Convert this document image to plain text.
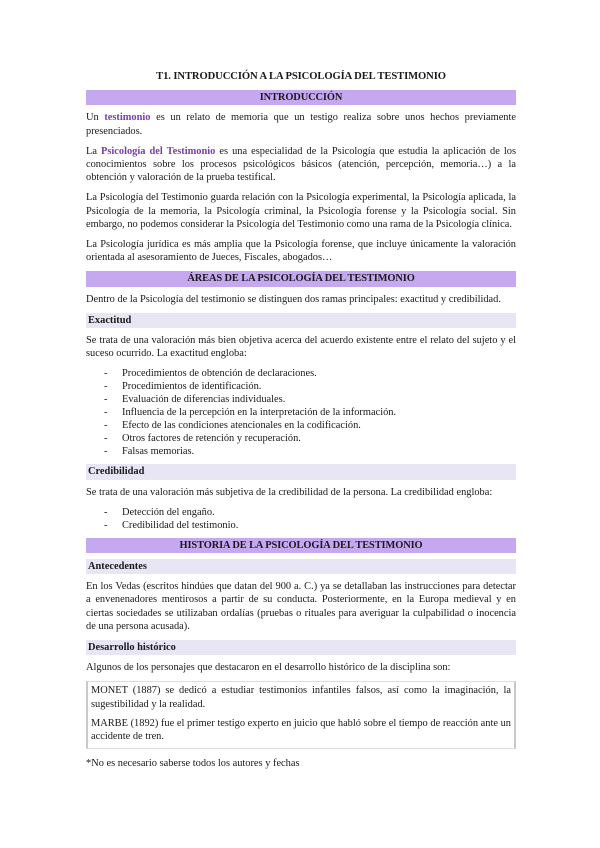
T1. INTRODUCCIÓN A LA PSICOLOGÍA DEL TESTIMONIO
INTRODUCCIÓN

Un testimonio es un relato de memoria que un testigo realiza sobre unos hechos previamente presenciados.

La Psicología del Testimonio es una especialidad de la Psicología que estudia la aplicación de los conocimientos sobre los procesos psicológicos básicos (atención, percepción, memoria…) a la obtención y valoración de la prueba testifical.

La Psicología del Testimonio guarda relación con la Psicología experimental, la Psicología aplicada, la Psicología de la memoria, la Psicología criminal, la Psicología forense y la Psicología social. Sin embargo, no podemos considerar la Psicología del Testimonio como una rama de la Psicología clínica.

La Psicología jurídica es más amplia que la Psicología forense, que incluye únicamente la valoración orientada al asesoramiento de Jueces, Fiscales, abogados…

ÁREAS DE LA PSICOLOGÍA DEL TESTIMONIO

Dentro de la Psicología del testimonio se distinguen dos ramas principales: exactitud y credibilidad.

Exactitud

Se trata de una valoración más bien objetiva acerca del acuerdo existente entre el relato del sujeto y el suceso ocurrido. La exactitud engloba:

- Procedimientos de obtención de declaraciones.
- Procedimientos de identificación.
- Evaluación de diferencias individuales.
- Influencia de la percepción en la interpretación de la información.
- Efecto de las condiciones atencionales en la codificación.
- Otros factores de retención y recuperación.
- Falsas memorias.
Credibilidad

Se trata de una valoración más subjetiva de la credibilidad de la persona. La credibilidad engloba:

- Detección del engaño.
- Credibilidad del testimonio.
HISTORIA DE LA PSICOLOGÍA DEL TESTIMONIO
Antecedentes

En los Vedas (escritos hindúes que datan del 900 a. C.) ya se detallaban las instrucciones para detectar a envenenadores mentirosos a partir de su conducta. Posteriormente, en la Europa medieval y en ciertas sociedades se utilizaban ordalías (pruebas o rituales para averiguar la culpabilidad o inocencia de una persona acusada).

Desarrollo histórico

Algunos de los personajes que destacaron en el desarrollo histórico de la disciplina son:

MONET (1887) se dedicó a estudiar testimonios infantiles falsos, así como la imaginación, la sugestibilidad y la realidad.

MARBE (1892) fue el primer testigo experto en juicio que habló sobre el tiempo de reacción ante un accidente de tren.

*No es necesario saberse todos los autores y fechas
